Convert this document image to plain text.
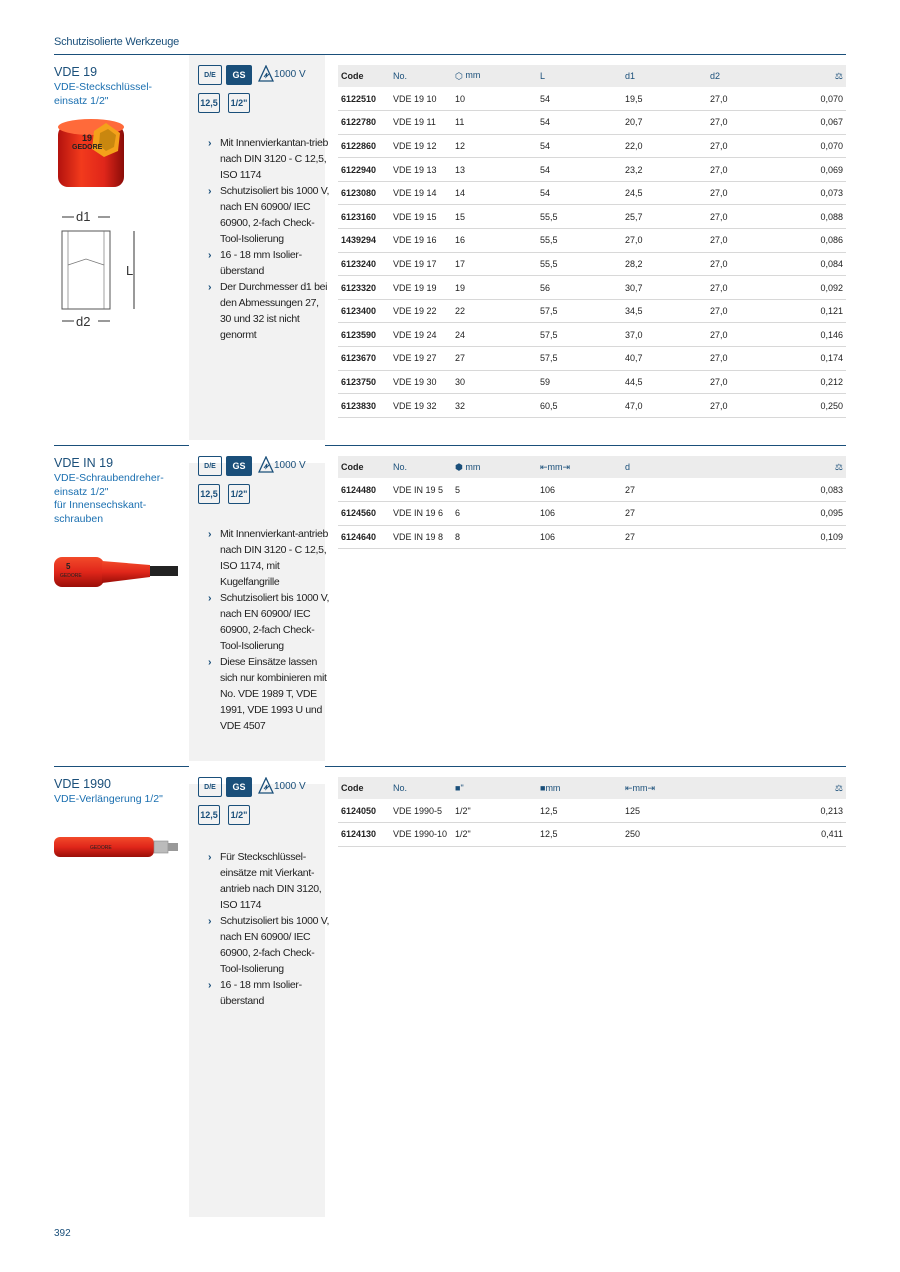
Schutzisolierte Werkzeuge
VDE 19
VDE-Steckschlüssel-
einsatz 1/2"
GEDORE
19
d1
L
d2
D/E	GS	1000 V
12,5 1/2"
› Mit Innenvierkantan-trieb nach DIN 3120 - C 12,5, ISO 1174
› Schutzisoliert bis 1000 V, nach EN 60900/ IEC 60900, 2-fach Check-Tool-Isolierung
› 16 - 18 mm Isolier-überstand
› Der Durchmesser d1 bei den Abmessungen 27, 30 und 32 ist nicht genormt
Code	No.	⬡ mm	L	d1	d2	⚖
6122510	VDE 19 10	10	54	19,5	27,0	0,070
6122780	VDE 19 11	11	54	20,7	27,0	0,067
6122860	VDE 19 12	12	54	22,0	27,0	0,070
6122940	VDE 19 13	13	54	23,2	27,0	0,069
6123080	VDE 19 14	14	54	24,5	27,0	0,073
6123160	VDE 19 15	15	55,5	25,7	27,0	0,088
1439294	VDE 19 16	16	55,5	27,0	27,0	0,086
6123240	VDE 19 17	17	55,5	28,2	27,0	0,084
6123320	VDE 19 19	19	56	30,7	27,0	0,092
6123400	VDE 19 22	22	57,5	34,5	27,0	0,121
6123590	VDE 19 24	24	57,5	37,0	27,0	0,146
6123670	VDE 19 27	27	57,5	40,7	27,0	0,174
6123750	VDE 19 30	30	59	44,5	27,0	0,212
6123830	VDE 19 32	32	60,5	47,0	27,0	0,250
VDE IN 19
VDE-Schraubendreher-
einsatz 1/2"
für Innensechskant-
schrauben
5
GEDORE
D/E	GS	1000 V
12,5 1/2"
› Mit Innenvierkant-antrieb nach DIN 3120 - C 12,5, ISO 1174, mit Kugelfangrille
› Schutzisoliert bis 1000 V, nach EN 60900/ IEC 60900, 2-fach Check-Tool-Isolierung
› Diese Einsätze lassen sich nur kombinieren mit No. VDE 1989 T, VDE 1991, VDE 1993 U und VDE 4507
Code	No.	⬢ mm	⇤mm⇥	d	⚖
6124480	VDE IN 19 5	5	106	27	0,083
6124560	VDE IN 19 6	6	106	27	0,095
6124640	VDE IN 19 8	8	106	27	0,109
VDE 1990
VDE-Verlängerung 1/2"
GEDORE
D/E	GS	1000 V
12,5 1/2"
› Für Steckschlüssel-einsätze mit Vierkant-antrieb nach DIN 3120, ISO 1174
› Schutzisoliert bis 1000 V, nach EN 60900/ IEC 60900, 2-fach Check-Tool-Isolierung
› 16 - 18 mm Isolier-überstand
Code	No.	■"	■mm	⇤mm⇥	⚖
6124050	VDE 1990-5	1/2"	12,5	125	0,213
6124130	VDE 1990-10	1/2"	12,5	250	0,411
392
